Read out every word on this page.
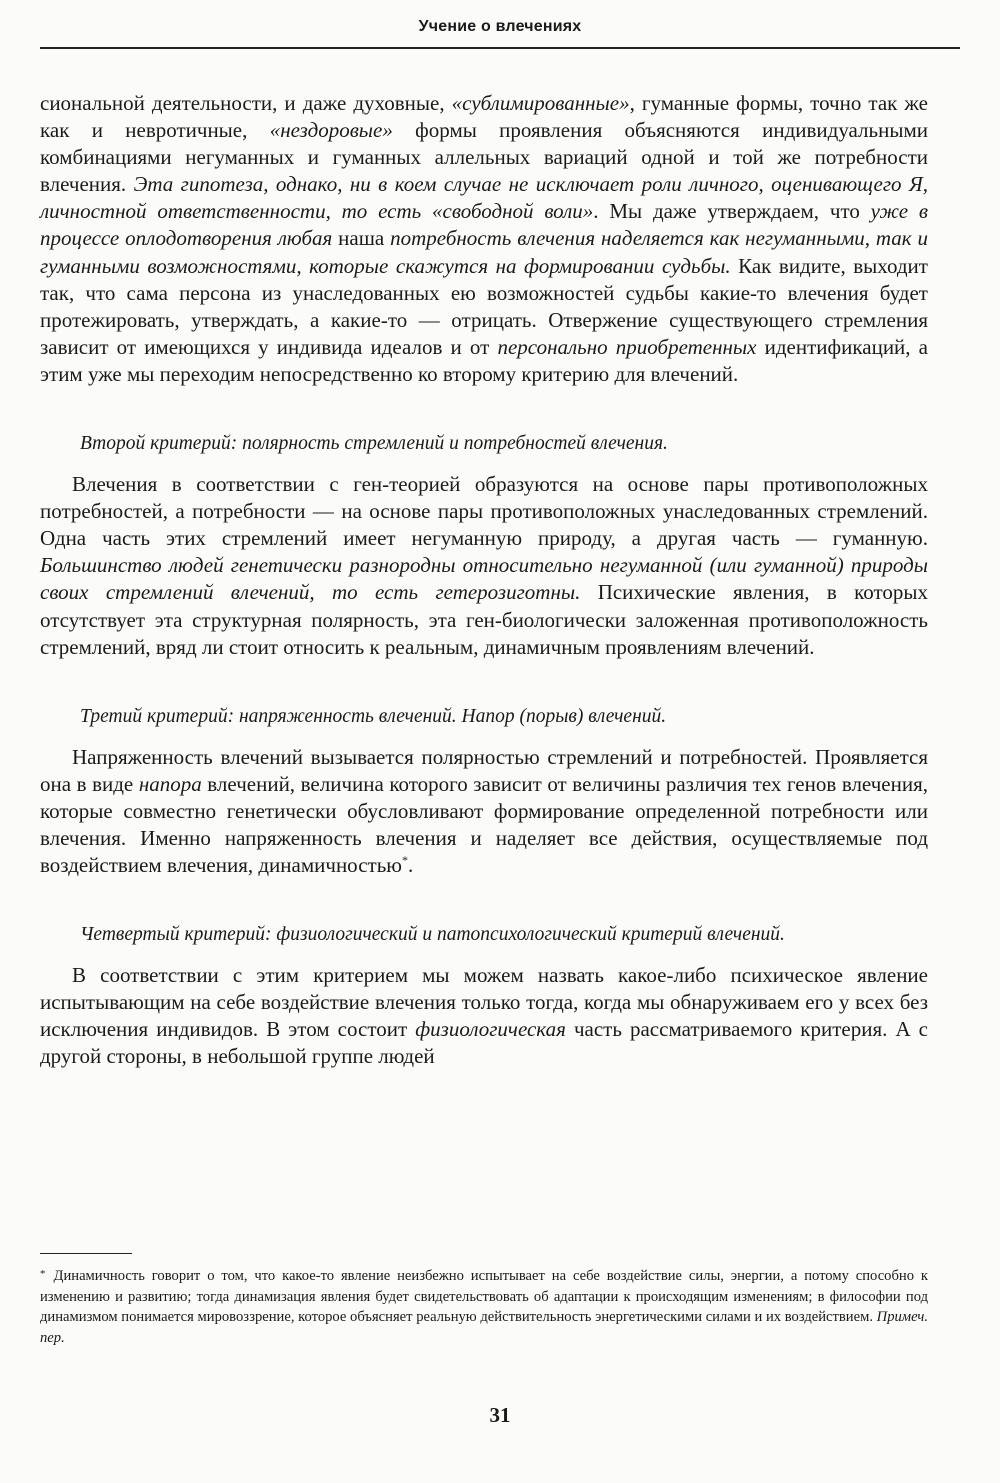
Учение о влечениях

сиональной деятельности, и даже духовные, «сублимированные», гуманные формы, точно так же как и невротичные, «нездоровые» формы проявления объясняются индивидуальными комбинациями негуманных и гуманных аллельных вариаций одной и той же потребности влечения. Эта гипотеза, однако, ни в коем случае не исключает роли личного, оценивающего Я, личностной ответственности, то есть «свободной воли». Мы даже утверждаем, что уже в процессе оплодотворения любая наша потребность влечения наделяется как негуманными, так и гуманными возможностями, которые скажутся на формировании судьбы. Как видите, выходит так, что сама персона из унаследованных ею возможностей судьбы какие-то влечения будет протежировать, утверждать, а какие-то — отрицать. Отвержение существующего стремления зависит от имеющихся у индивида идеалов и от персонально приобретенных идентификаций, а этим уже мы переходим непосредственно ко второму критерию для влечений.

Второй критерий: полярность стремлений и потребностей влечения.

Влечения в соответствии с ген-теорией образуются на основе пары противоположных потребностей, а потребности — на основе пары противоположных унаследованных стремлений. Одна часть этих стремлений имеет негуманную природу, а другая часть — гуманную. Большинство людей генетически разнородны относительно негуманной (или гуманной) природы своих стремлений влечений, то есть гетерозиготны. Психические явления, в которых отсутствует эта структурная полярность, эта ген-биологически заложенная противоположность стремлений, вряд ли стоит относить к реальным, динамичным проявлениям влечений.

Третий критерий: напряженность влечений. Напор (порыв) влечений.

Напряженность влечений вызывается полярностью стремлений и потребностей. Проявляется она в виде напора влечений, величина которого зависит от величины различия тех генов влечения, которые совместно генетически обусловливают формирование определенной потребности или влечения. Именно напряженность влечения и наделяет все действия, осуществляемые под воздействием влечения, динамичностью*.

Четвертый критерий: физиологический и патопсихологический критерий влечений.

В соответствии с этим критерием мы можем назвать какое-либо психическое явление испытывающим на себе воздействие влечения только тогда, когда мы обнаруживаем его у всех без исключения индивидов. В этом состоит физиологическая часть рассматриваемого критерия. А с другой стороны, в небольшой группе людей

* Динамичность говорит о том, что какое-то явление неизбежно испытывает на себе воздействие силы, энергии, а потому способно к изменению и развитию; тогда динамизация явления будет свидетельствовать об адаптации к происходящим изменениям; в философии под динамизмом понимается мировоззрение, которое объясняет реальную действительность энергетическими силами и их воздействием. Примеч. пер.
31
